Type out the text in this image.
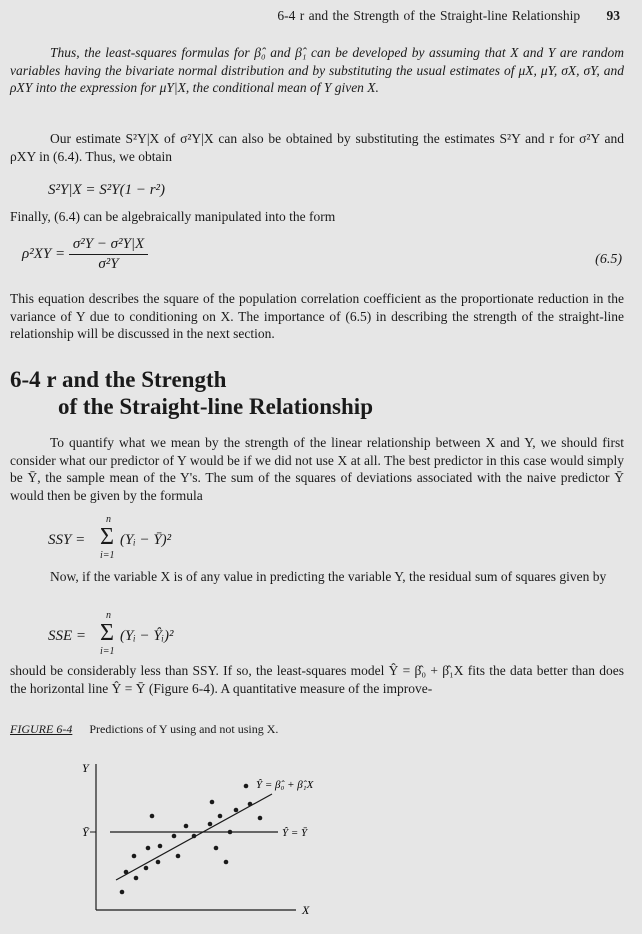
6-4 r and the Strength of the Straight-line Relationship 93
Thus, the least-squares formulas for β̂₀ and β̂₁ can be developed by assuming that X and Y are random variables having the bivariate normal distribution and by substituting the usual estimates of μX, μY, σX, σY, and ρXY into the expression for μY|X, the conditional mean of Y given X.
Our estimate S²Y|X of σ²Y|X can also be obtained by substituting the estimates S²Y and r for σ²Y and ρXY in (6.4). Thus, we obtain
S²Y|X = S²Y(1 − r²)
Finally, (6.4) can be algebraically manipulated into the form
$\rho^2XY = \frac{\text{σ²Y − σ²Y|X}}{\text{σ²Y}}$	(6.5)
This equation describes the square of the population correlation coefficient as the proportionate reduction in the variance of Y due to conditioning on X. The importance of (6.5) in describing the strength of the straight-line relationship will be discussed in the next section.
6-4 r and the Strength
of the Straight-line Relationship
To quantify what we mean by the strength of the linear relationship between X and Y, we should first consider what our predictor of Y would be if we did not use X at all. The best predictor in this case would simply be Ȳ, the sample mean of the Y's. The sum of the squares of deviations associated with the naive predictor Ȳ would then be given by the formula
SSY =
n
Σ
i=1
(Yᵢ − Ȳ)²
Now, if the variable X is of any value in predicting the variable Y, the residual sum of squares given by
SSE =
n
Σ
i=1
(Yᵢ − Ŷᵢ)²
should be considerably less than SSY. If so, the least-squares model Ŷ = β̂₀ + β̂₁X fits the data better than does the horizontal line Ŷ = Ȳ (Figure 6-4). A quantitative measure of the improve-
FIGURE 6-4 Predictions of Y using and not using X.
Y
X
Ȳ
Ŷ = β̂₀ + β̂₁X
Ŷ = Ȳ
